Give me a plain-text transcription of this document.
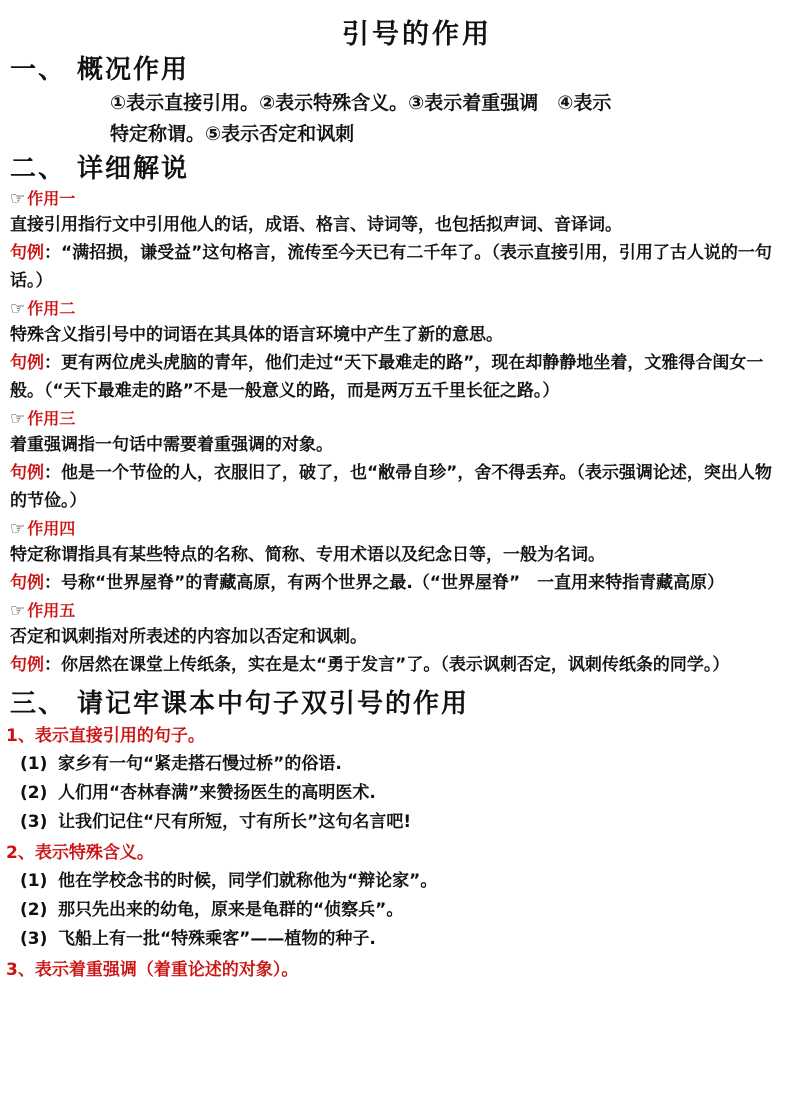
引号的作用
一、 概况作用
①表示直接引用。②表示特殊含义。③表示着重强调　④表示
特定称谓。⑤表示否定和讽刺
二、 详细解说
☞ 作用一
直接引用指行文中引用他人的话，成语、格言、诗词等，也包括拟声词、音译词。
句例：“满招损，谦受益”这句格言，流传至今天已有二千年了。（表示直接引用，引用了古人说的一句话。）
☞ 作用二
特殊含义指引号中的词语在其具体的语言环境中产生了新的意思。
句例：更有两位虎头虎脑的青年，他们走过“天下最难走的路”，现在却静静地坐着，文雅得合闺女一般。（“天下最难走的路”不是一般意义的路，而是两万五千里长征之路。）
☞ 作用三
着重强调指一句话中需要着重强调的对象。
句例：他是一个节俭的人，衣服旧了，破了，也“敝帚自珍”，舍不得丢弃。（表示强调论述，突出人物的节俭。）
☞ 作用四
特定称谓指具有某些特点的名称、简称、专用术语以及纪念日等，一般为名词。
句例：号称“世界屋脊”的青藏高原，有两个世界之最.（“世界屋脊”　一直用来特指青藏高原）
☞ 作用五
否定和讽刺指对所表述的内容加以否定和讽刺。
句例：你居然在课堂上传纸条，实在是太“勇于发言”了。（表示讽刺否定，讽刺传纸条的同学。）
三、 请记牢课本中句子双引号的作用
1、表示直接引用的句子。
(1) 家乡有一句“紧走搭石慢过桥”的俗语.
(2) 人们用“杏林春满”来赞扬医生的高明医术.
(3) 让我们记住“尺有所短，寸有所长”这句名言吧!
2、表示特殊含义。
(1) 他在学校念书的时候，同学们就称他为“辩论家”。
(2) 那只先出来的幼龟，原来是龟群的“侦察兵”。
(3) 飞船上有一批“特殊乘客”——植物的种子.
3、表示着重强调（着重论述的对象）。
